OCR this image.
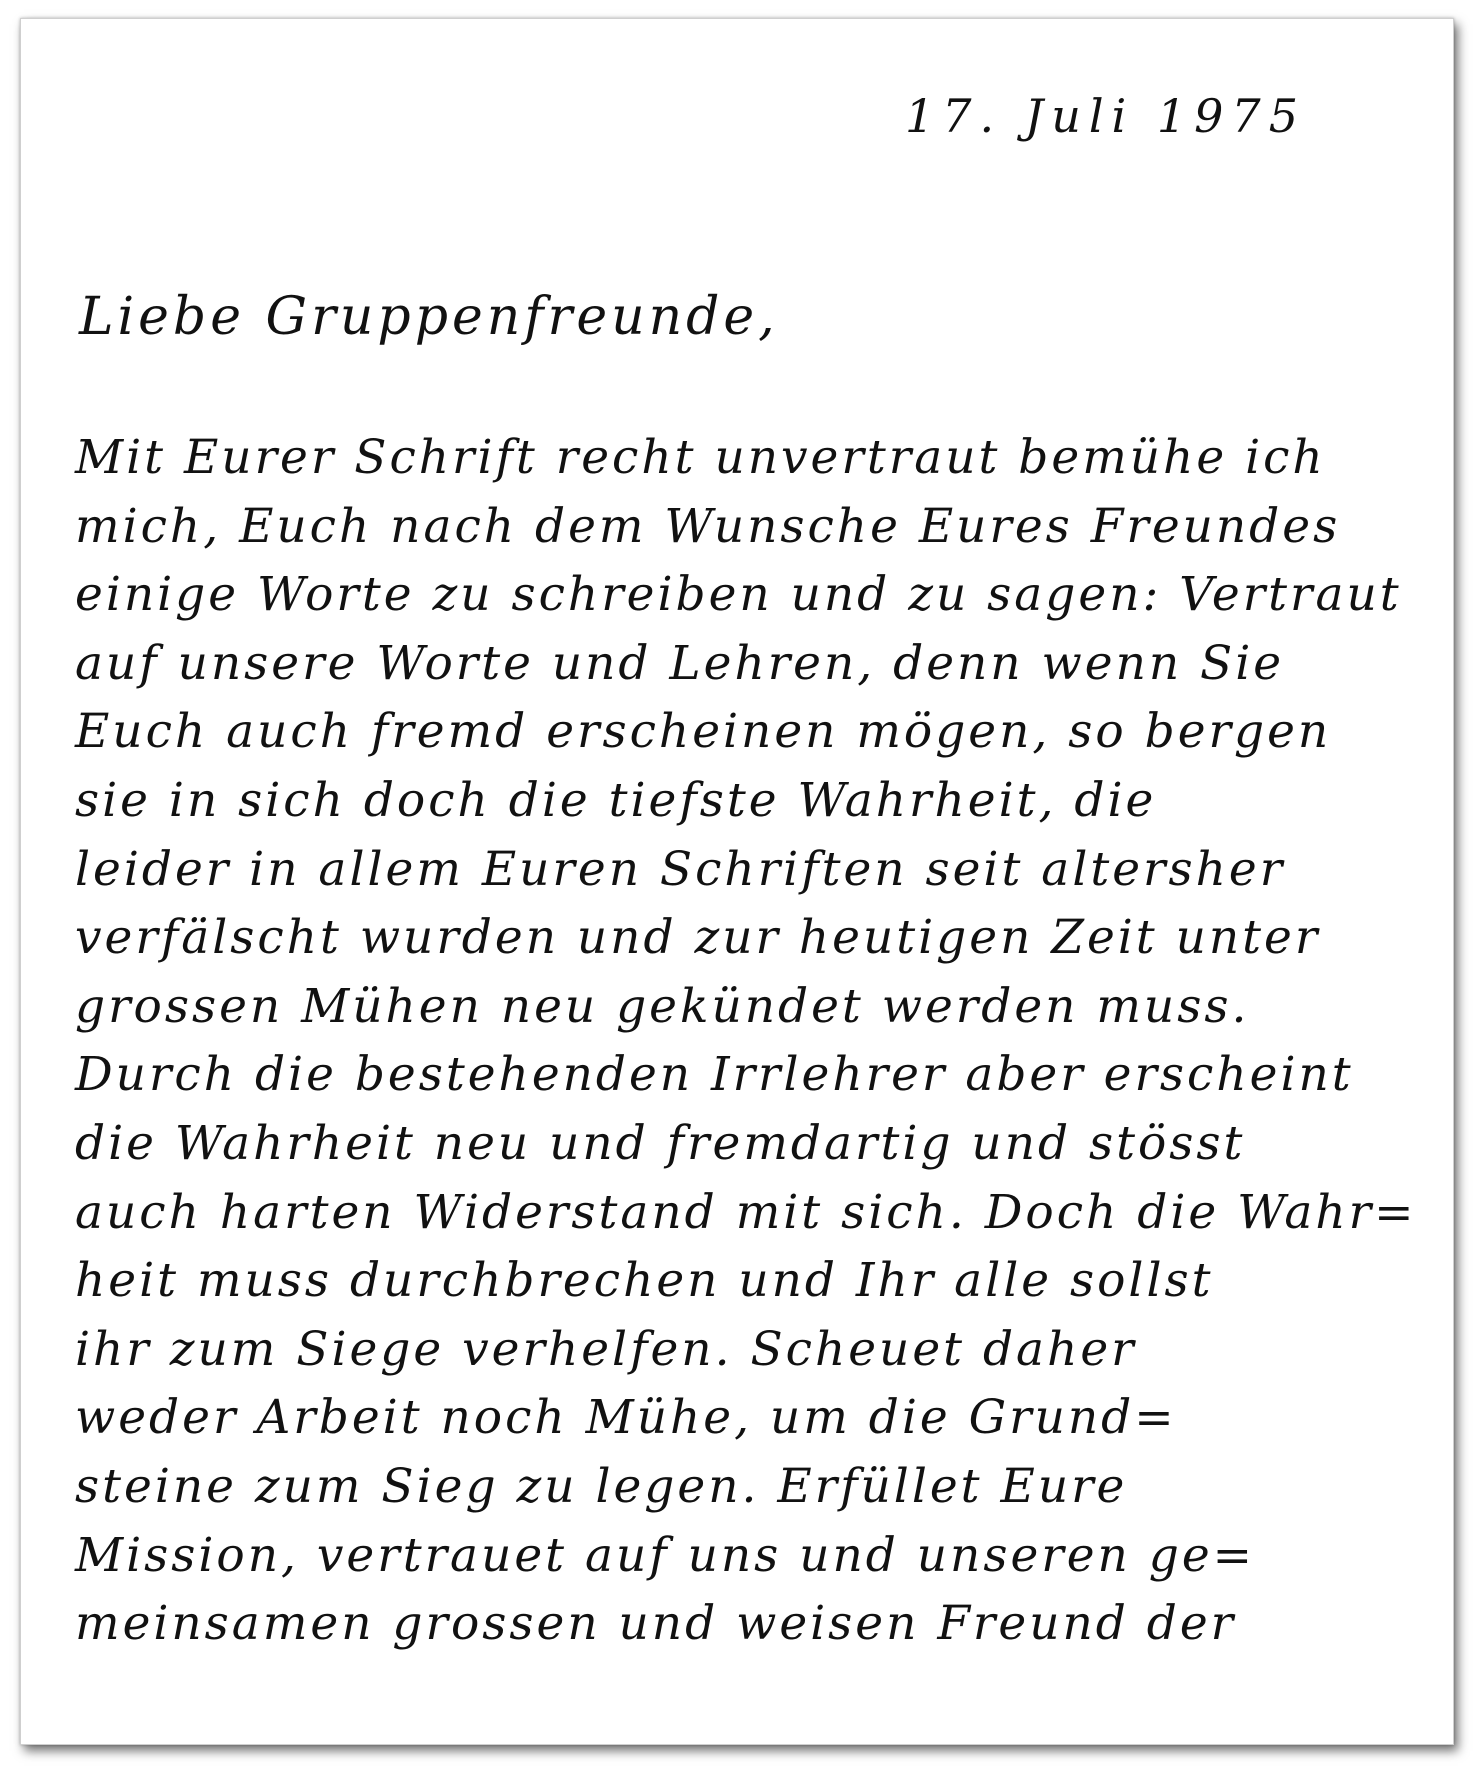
17. Juli 1975
Liebe Gruppenfreunde,
Mit Eurer Schrift recht unvertraut bemühe ich
mich, Euch nach dem Wunsche Eures Freundes
einige Worte zu schreiben und zu sagen: Vertraut
auf unsere Worte und Lehren, denn wenn Sie
Euch auch fremd erscheinen mögen, so bergen
sie in sich doch die tiefste Wahrheit, die
leider in allem Euren Schriften seit altersher
verfälscht wurden und zur heutigen Zeit unter
grossen Mühen neu gekündet werden muss.
Durch die bestehenden Irrlehrer aber erscheint
die Wahrheit neu und fremdartig und stösst
auch harten Widerstand mit sich. Doch die Wahr=
heit muss durchbrechen und Ihr alle sollst
ihr zum Siege verhelfen. Scheuet daher
weder Arbeit noch Mühe, um die Grund=
steine zum Sieg zu legen. Erfüllet Eure
Mission, vertrauet auf uns und unseren ge=
meinsamen grossen und weisen Freund der
